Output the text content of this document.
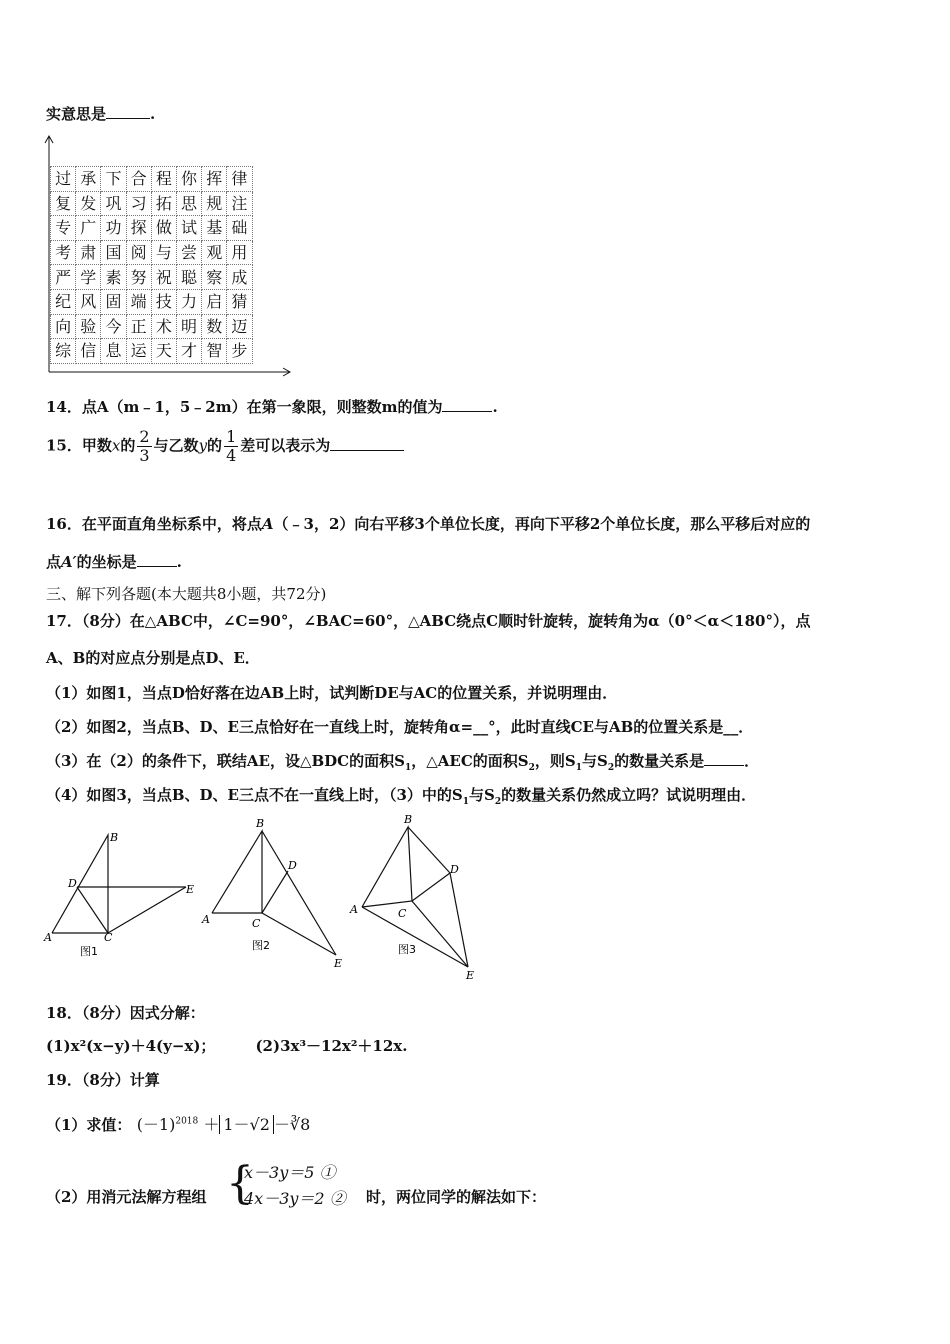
实意思是	.
过	承	下	合	程	你	挥	律
复	发	巩	习	拓	思	规	注
专	广	功	探	做	试	基	础
考	肃	国	阅	与	尝	观	用
严	学	素	努	祝	聪	察	成
纪	风	固	端	技	力	启	猜
向	验	今	正	术	明	数	迈
综	信	息	运	天	才	智	步
14．点A（m﹣1，5﹣2m）在第一象限，则整数m的值为	.
15．甲数x的 $\frac{2}{3}$ 与乙数y的 $\frac{1}{4}$ 差可以表示为
16．在平面直角坐标系中，将点A（﹣3，2）向右平移3个单位长度，再向下平移2个单位长度，那么平移后对应的
点A′的坐标是	.
三、解下列各题(本大题共8小题，共72分)
17．（8分）在△ABC中，∠C=90°，∠BAC=60°，△ABC绕点C顺时针旋转，旋转角为α（0°＜α＜180°），点
A、B的对应点分别是点D、E．
（1）如图1，当点D恰好落在边AB上时，试判断DE与AC的位置关系，并说明理由．
（2）如图2，当点B、D、E三点恰好在一直线上时，旋转角α=__°，此时直线CE与AB的位置关系是__．
（3）在（2）的条件下，联结AE，设△BDC的面积$S_1$，△AEC的面积$S_2$，则$S_1$与$S_2$的数量关系是	．
（4）如图3，当点B、D、E三点不在一直线上时，（3）中的$S_1$与$S_2$的数量关系仍然成立吗？试说明理由．
B
D	E
A	C
图1
B
D
A	C
E
图2
B
D
A	C
E
图3
18．（8分）因式分解：
(1)x²(x−y)＋4(y−x)；	(2)3x³－12x²＋12x.
19．（8分）计算
（1）求值： $(-1)^{2018} + 1-√2$ －∛8
（2）用消元法解方程组 {
x－3y＝5 ①
4x－3y＝2 ② 时，两位同学的解法如下：
